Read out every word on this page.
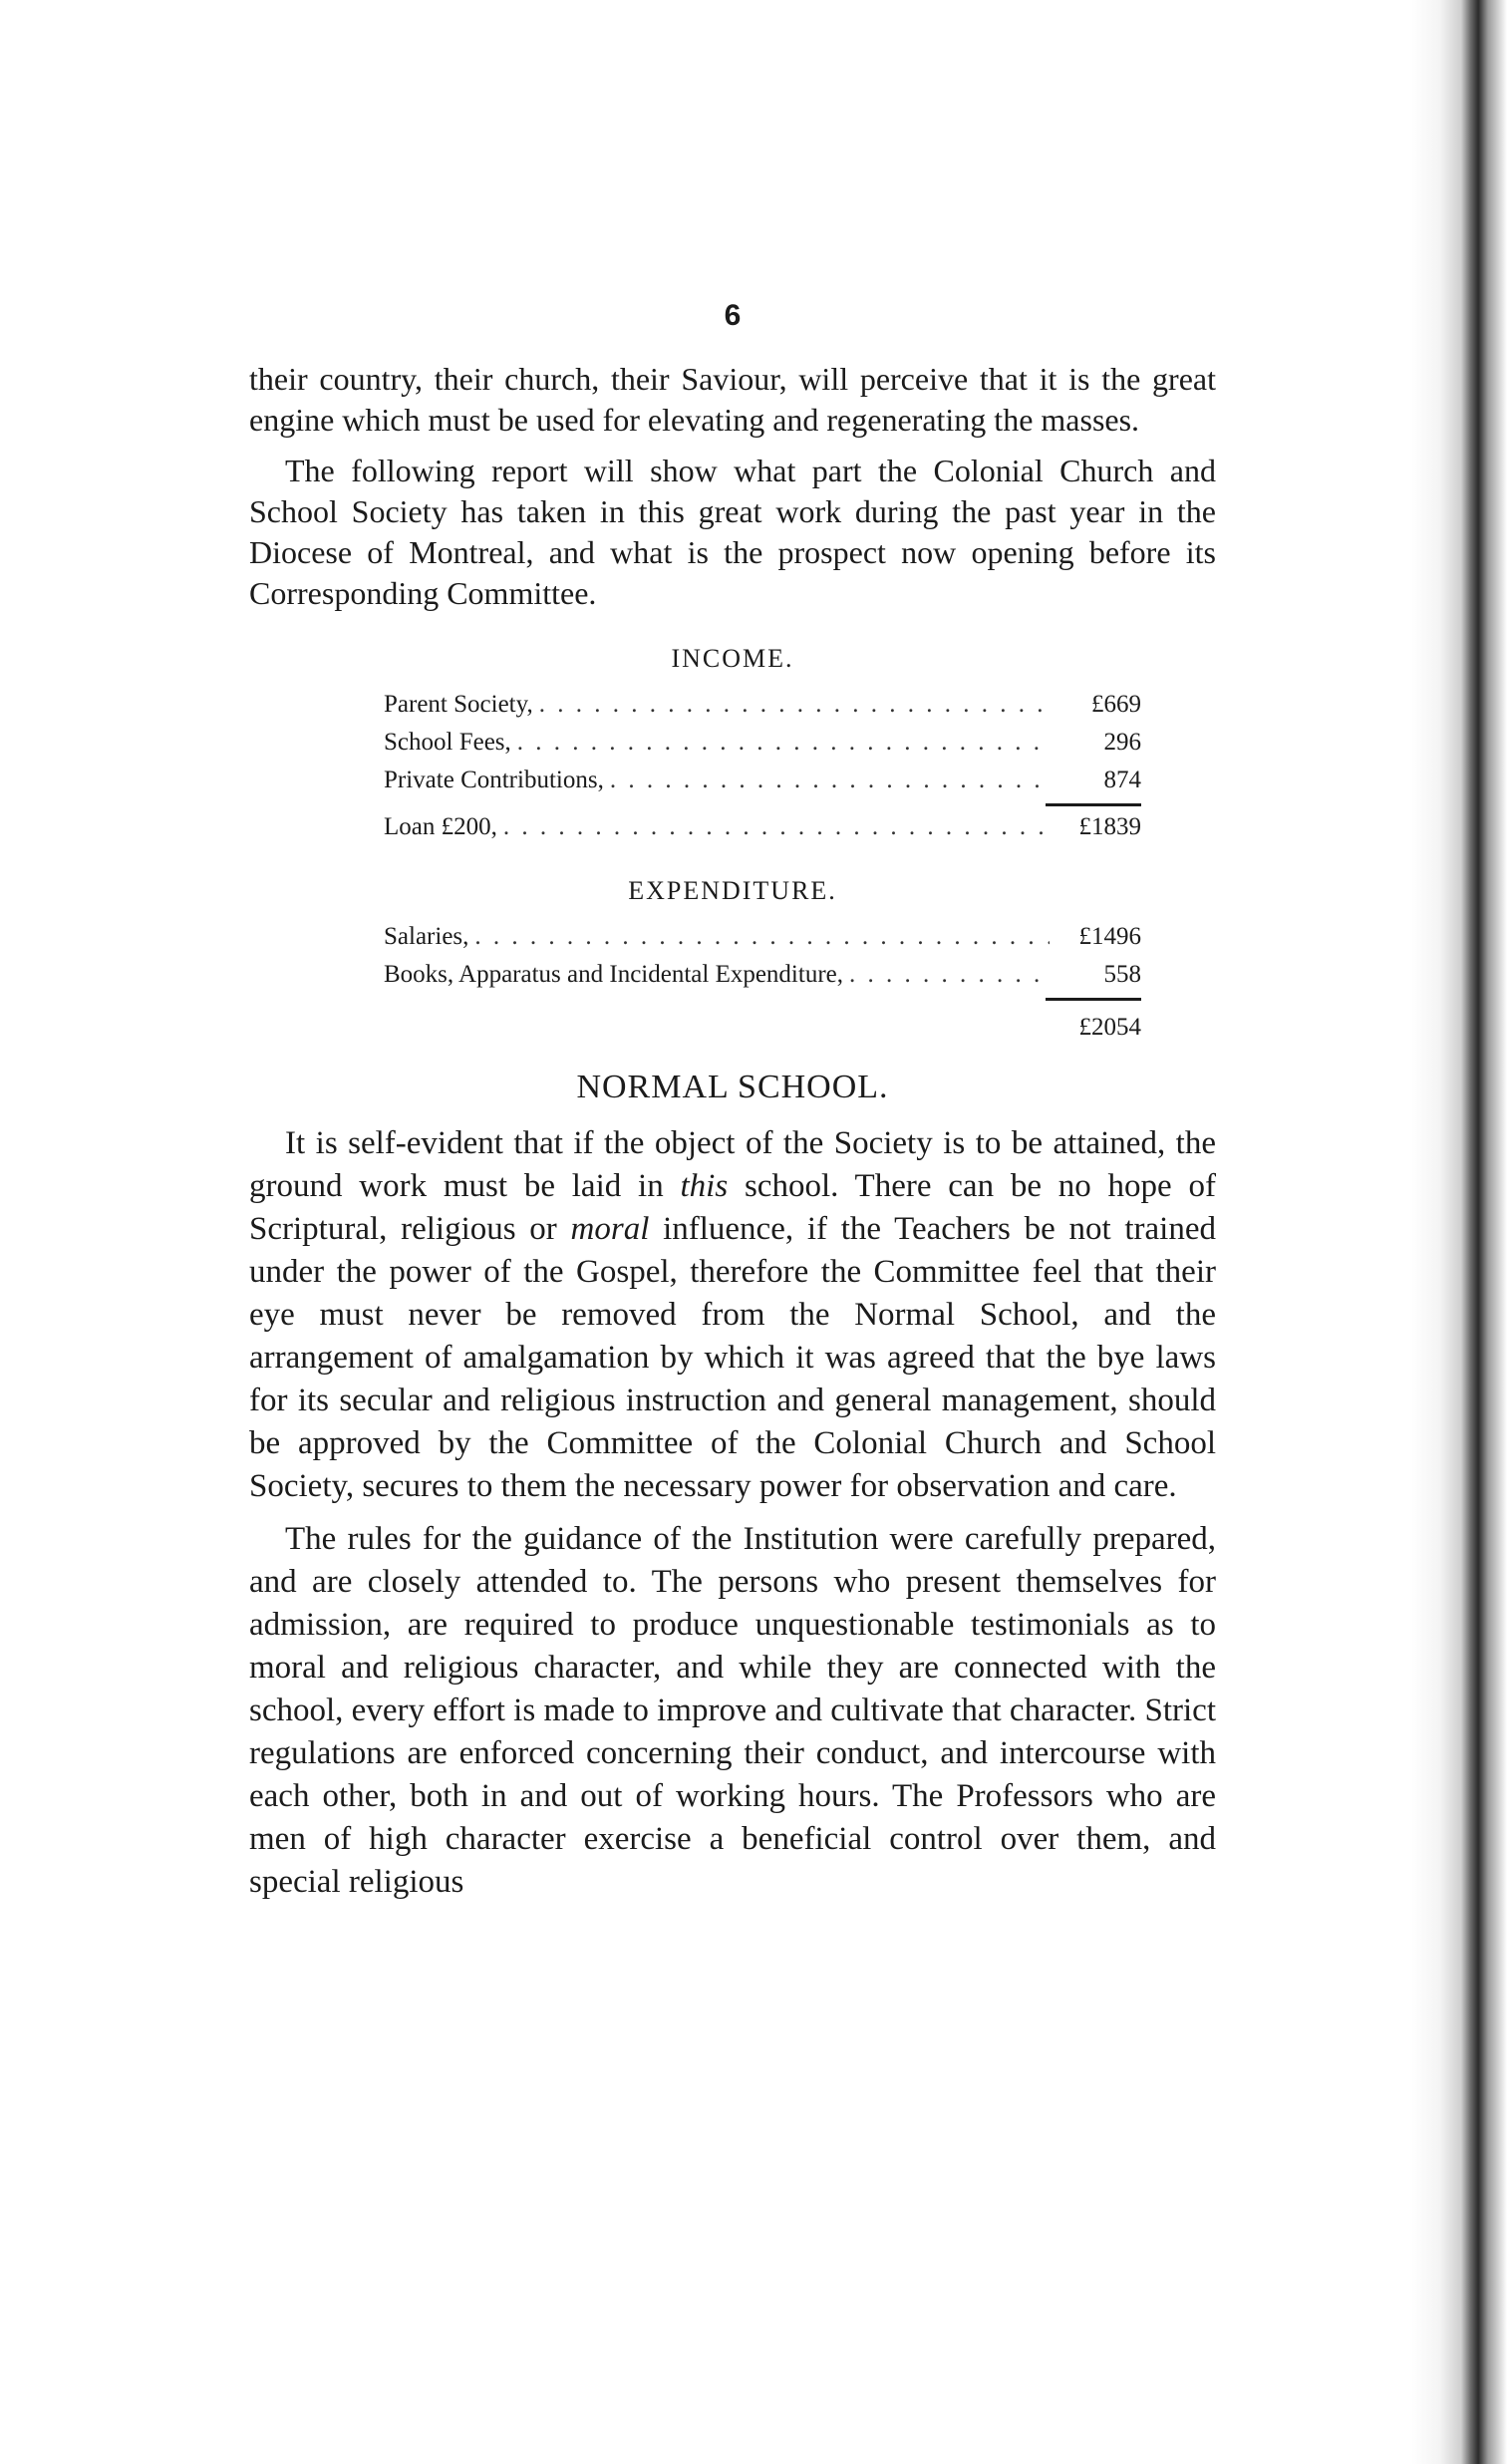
6

their country, their church, their Saviour, will perceive that it is the great engine which must be used for elevating and regenerating the masses.

The following report will show what part the Colonial Church and School Society has taken in this great work during the past year in the Diocese of Montreal, and what is the prospect now opening before its Corresponding Committee.

INCOME.
Parent Society, . . .	£669
School Fees, . . .	296
Private Contributions, . . .	874
Loan £200, . . .	£1839
EXPENDITURE.
Salaries, . . .	£1496
Books, Apparatus and Incidental Expenditure, . . .	558
£2054
NORMAL SCHOOL.

It is self-evident that if the object of the Society is to be attained, the ground work must be laid in this school. There can be no hope of Scriptural, religious or moral influence, if the Teachers be not trained under the power of the Gospel, therefore the Committee feel that their eye must never be removed from the Normal School, and the arrangement of amalgamation by which it was agreed that the bye laws for its secular and religious instruction and general management, should be approved by the Committee of the Colonial Church and School Society, secures to them the necessary power for observation and care.

The rules for the guidance of the Institution were carefully prepared, and are closely attended to. The persons who present themselves for admission, are required to produce unquestionable testimonials as to moral and religious character, and while they are connected with the school, every effort is made to improve and cultivate that character. Strict regulations are enforced concerning their conduct, and intercourse with each other, both in and out of working hours. The Professors who are men of high character exercise a beneficial control over them, and special religious
